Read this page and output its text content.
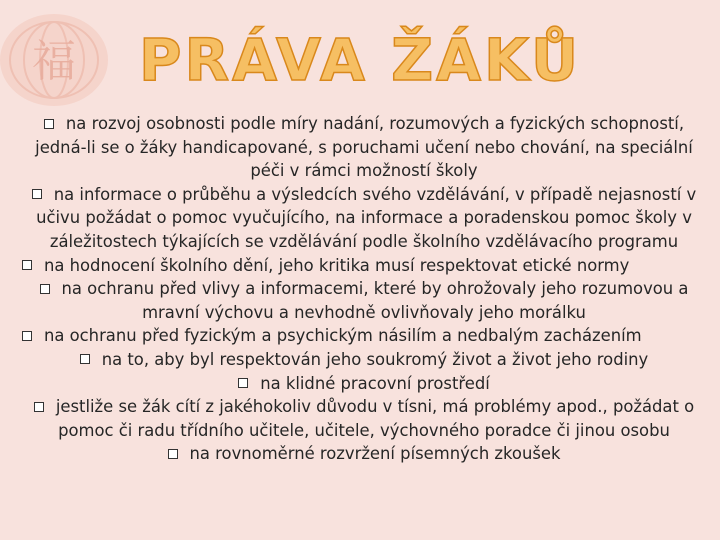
福	PRÁVA ŽÁKŮ

na rozvoj osobnosti podle míry nadání, rozumových a fyzických schopností, jedná-li se o žáky handicapované, s poruchami učení nebo chování, na speciální péči v rámci možností školy

na informace o průběhu a výsledcích svého vzdělávání, v případě nejasností v učivu požádat o pomoc vyučujícího, na informace a poradenskou pomoc školy v záležitostech týkajících se vzdělávání podle školního vzdělávacího programu

na hodnocení školního dění, jeho kritika musí respektovat etické normy

na ochranu před vlivy a informacemi, které by ohrožovaly jeho rozumovou a mravní výchovu a nevhodně ovlivňovaly jeho morálku

na ochranu před fyzickým a psychickým násilím a nedbalým zacházením

na to, aby byl respektován jeho soukromý život a život jeho rodiny

na klidné pracovní prostředí

jestliže se žák cítí z jakéhokoliv důvodu v tísni, má problémy apod., požádat o pomoc či radu třídního učitele, učitele, výchovného poradce či jinou osobu

na rovnoměrné rozvržení písemných zkoušek
